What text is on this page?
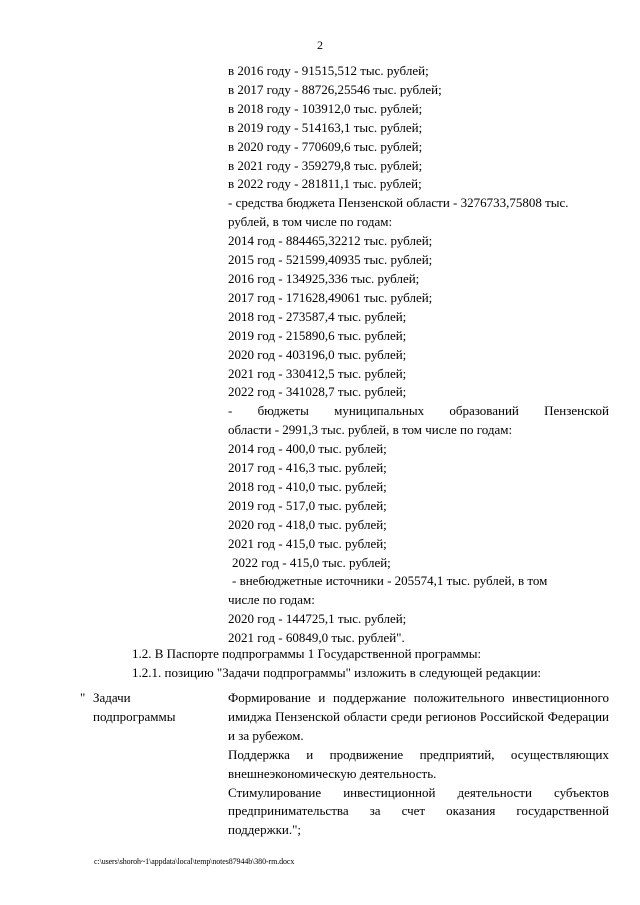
2
в 2016 году - 91515,512 тыс. рублей;
в 2017 году - 88726,25546 тыс. рублей;
в 2018 году - 103912,0 тыс. рублей;
в 2019 году - 514163,1 тыс. рублей;
в 2020 году - 770609,6 тыс. рублей;
в 2021 году - 359279,8 тыс. рублей;
в 2022 году - 281811,1 тыс. рублей;
- средства бюджета Пензенской области - 3276733,75808 тыс.
рублей, в том числе по годам:
2014 год - 884465,32212 тыс. рублей;
2015 год - 521599,40935 тыс. рублей;
2016 год - 134925,336 тыс. рублей;
2017 год - 171628,49061 тыс. рублей;
2018 год - 273587,4 тыс. рублей;
2019 год - 215890,6 тыс. рублей;
2020 год - 403196,0 тыс. рублей;
2021 год - 330412,5 тыс. рублей;
2022 год - 341028,7 тыс. рублей;
- бюджеты муниципальных образований Пензенской
области - 2991,3 тыс. рублей, в том числе по годам:
2014 год - 400,0 тыс. рублей;
2017 год - 416,3 тыс. рублей;
2018 год - 410,0 тыс. рублей;
2019 год - 517,0 тыс. рублей;
2020 год - 418,0 тыс. рублей;
2021 год - 415,0 тыс. рублей;
2022 год - 415,0 тыс. рублей;
- внебюджетные источники - 205574,1 тыс. рублей, в том
числе по годам:
2020 год - 144725,1 тыс. рублей;
2021 год - 60849,0 тыс. рублей".
1.2. В Паспорте подпрограммы 1 Государственной программы:
1.2.1. позицию "Задачи подпрограммы" изложить в следующей редакции:
" Задачи
подпрограммы

Формирование и поддержание положительного инвестиционного имиджа Пензенской области среди регионов Российской Федерации и за рубежом.

Поддержка и продвижение предприятий, осуществляющих внешнеэкономическую деятельность.

Стимулирование инвестиционной деятельности субъектов предпринимательства за счет оказания государственной поддержки.";

c:\users\shoroh~1\appdata\local\temp\notes87944b\380-rm.docx
